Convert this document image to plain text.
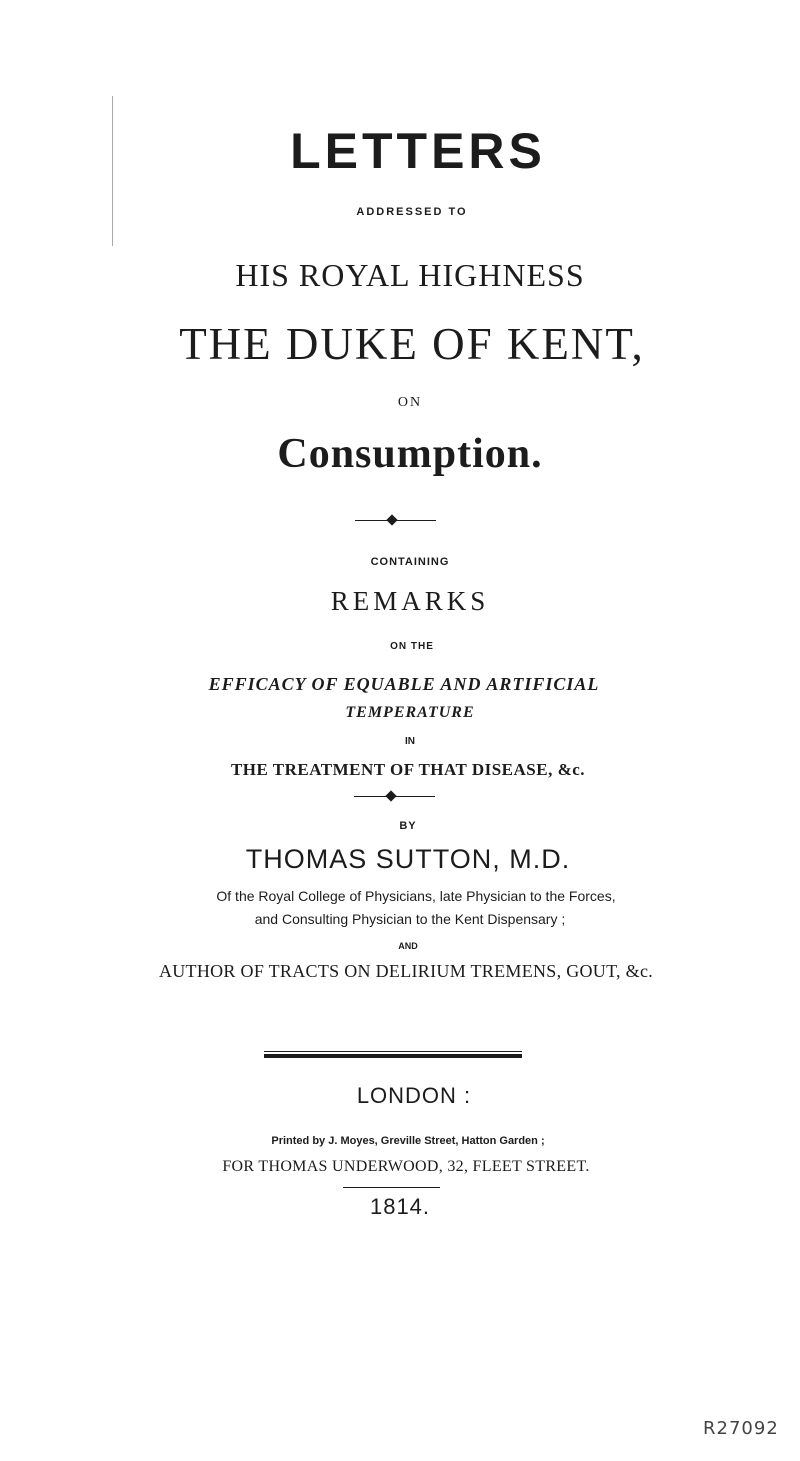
LETTERS
ADDRESSED TO
HIS ROYAL HIGHNESS
THE DUKE OF KENT,
ON
Consumption.
CONTAINING
REMARKS
ON THE
EFFICACY OF EQUABLE AND ARTIFICIAL
TEMPERATURE
IN
THE TREATMENT OF THAT DISEASE, &c.
BY
THOMAS SUTTON, M.D.
Of the Royal College of Physicians, late Physician to the Forces,
and Consulting Physician to the Kent Dispensary ;
AND
AUTHOR OF TRACTS ON DELIRIUM TREMENS, GOUT, &c.
LONDON :
Printed by J. Moyes, Greville Street, Hatton Garden ;
FOR THOMAS UNDERWOOD, 32, FLEET STREET.
1814.
R27092
